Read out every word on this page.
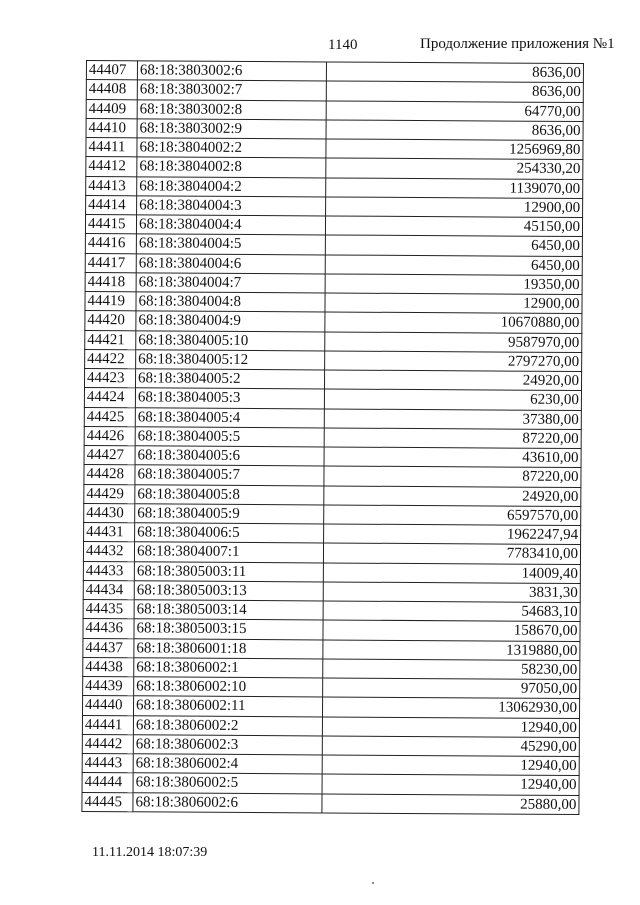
1140	Продолжение приложения №1
44407	68:18:3803002:6	8636,00
44408	68:18:3803002:7	8636,00
44409	68:18:3803002:8	64770,00
44410	68:18:3803002:9	8636,00
44411	68:18:3804002:2	1256969,80
44412	68:18:3804002:8	254330,20
44413	68:18:3804004:2	1139070,00
44414	68:18:3804004:3	12900,00
44415	68:18:3804004:4	45150,00
44416	68:18:3804004:5	6450,00
44417	68:18:3804004:6	6450,00
44418	68:18:3804004:7	19350,00
44419	68:18:3804004:8	12900,00
44420	68:18:3804004:9	10670880,00
44421	68:18:3804005:10	9587970,00
44422	68:18:3804005:12	2797270,00
44423	68:18:3804005:2	24920,00
44424	68:18:3804005:3	6230,00
44425	68:18:3804005:4	37380,00
44426	68:18:3804005:5	87220,00
44427	68:18:3804005:6	43610,00
44428	68:18:3804005:7	87220,00
44429	68:18:3804005:8	24920,00
44430	68:18:3804005:9	6597570,00
44431	68:18:3804006:5	1962247,94
44432	68:18:3804007:1	7783410,00
44433	68:18:3805003:11	14009,40
44434	68:18:3805003:13	3831,30
44435	68:18:3805003:14	54683,10
44436	68:18:3805003:15	158670,00
44437	68:18:3806001:18	1319880,00
44438	68:18:3806002:1	58230,00
44439	68:18:3806002:10	97050,00
44440	68:18:3806002:11	13062930,00
44441	68:18:3806002:2	12940,00
44442	68:18:3806002:3	45290,00
44443	68:18:3806002:4	12940,00
44444	68:18:3806002:5	12940,00
44445	68:18:3806002:6	25880,00
11.11.2014 18:07:39
